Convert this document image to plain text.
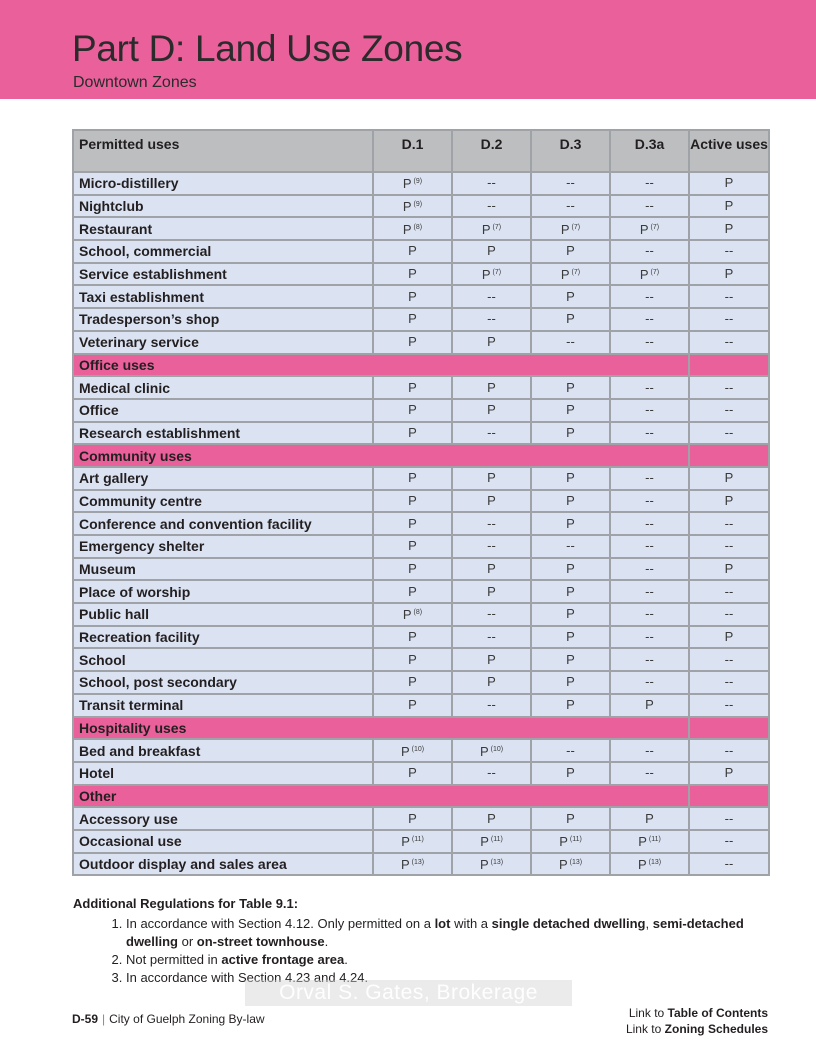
Part D: Land Use Zones
Downtown Zones
Permitted uses	D.1	D.2	D.3	D.3a	Active uses
Micro-distillery	P $^{(9)}$	--	--	--	P
Nightclub	P $^{(9)}$	--	--	--	P
Restaurant	P $^{(8)}$	P $^{(7)}$	P $^{(7)}$	P $^{(7)}$	P
School, commercial	P	P	P	--	--
Service establishment	P	P $^{(7)}$	P $^{(7)}$	P $^{(7)}$	P
Taxi establishment	P	--	P	--	--
Tradesperson’s shop	P	--	P	--	--
Veterinary service	P	P	--	--	--
Office uses					
Medical clinic	P	P	P	--	--
Office	P	P	P	--	--
Research establishment	P	--	P	--	--
Community uses					
Art gallery	P	P	P	--	P
Community centre	P	P	P	--	P
Conference and convention facility	P	--	P	--	--
Emergency shelter	P	--	--	--	--
Museum	P	P	P	--	P
Place of worship	P	P	P	--	--
Public hall	P $^{(8)}$	--	P	--	--
Recreation facility	P	--	P	--	P
School	P	P	P	--	--
School, post secondary	P	P	P	--	--
Transit terminal	P	--	P	P	--
Hospitality uses					
Bed and breakfast	P $^{(10)}$	P $^{(10)}$	--	--	--
Hotel	P	--	P	--	P
Other					
Accessory use	P	P	P	P	--
Occasional use	P $^{(11)}$	P $^{(11)}$	P $^{(11)}$	P $^{(11)}$	--
Outdoor display and sales area	P $^{(13)}$	P $^{(13)}$	P $^{(13)}$	P $^{(13)}$	--
Additional Regulations for Table 9.1:
1. In accordance with Section 4.12. Only permitted on a lot with a single detached dwelling, semi-detached dwelling or on-street townhouse.
2. Not permitted in active frontage area.
3. In accordance with Section 4.23 and 4.24.
Orval S. Gates, Brokerage
D-59 | City of Guelph Zoning By-law	Link to Table of Contents
Link to Zoning Schedules
